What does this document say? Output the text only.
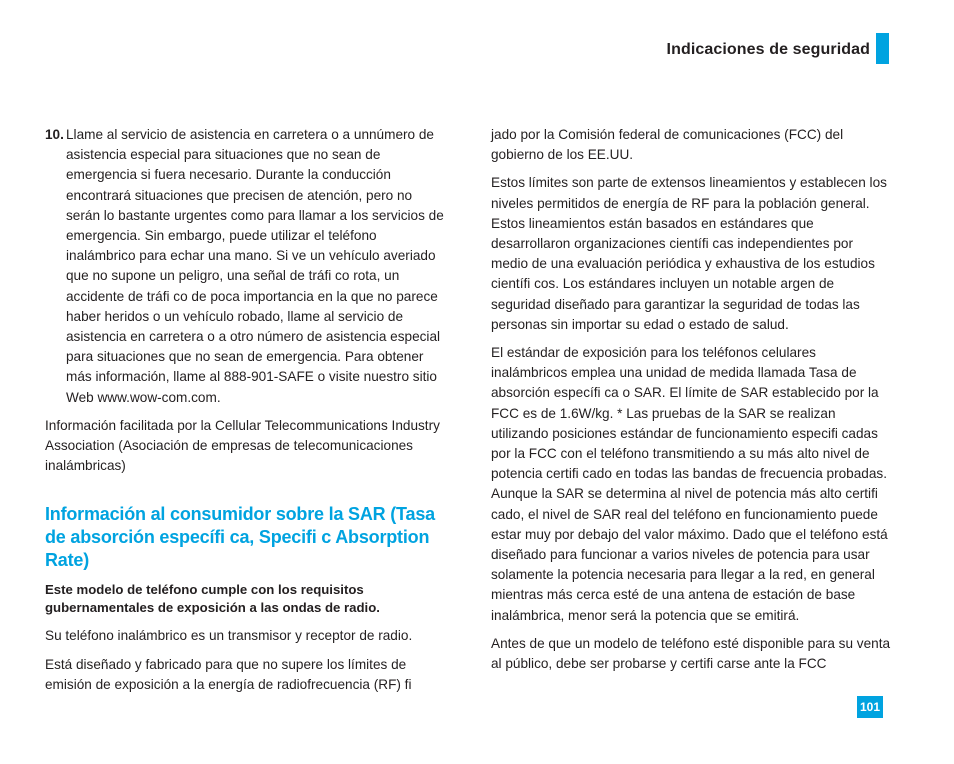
Indicaciones de seguridad
10. Llame al servicio de asistencia en carretera o a unnúmero de asistencia especial para situaciones que no sean de emergencia si fuera necesario. Durante la conducción encontrará situaciones que precisen de atención, pero no serán lo bastante urgentes como para llamar a los servicios de emergencia. Sin embargo, puede utilizar el teléfono inalámbrico para echar una mano. Si ve un vehículo averiado que no supone un peligro, una señal de tráfi co rota, un accidente de tráfi co de poca importancia en la que no parece haber heridos o un vehículo robado, llame al servicio de asistencia en carretera o a otro número de asistencia especial para situaciones que no sean de emergencia. Para obtener más información, llame al 888-901-SAFE o visite nuestro sitio Web www.wow-com.com.

Información facilitada por la Cellular Telecommunications Industry Association (Asociación de empresas de telecomunicaciones inalámbricas)

Información al consumidor sobre la SAR (Tasa de absorción específi ca, Specifi c Absorption Rate)

Este modelo de teléfono cumple con los requisitos gubernamentales de exposición a las ondas de radio.

Su teléfono inalámbrico es un transmisor y receptor de radio.

Está diseñado y fabricado para que no supere los límites de emisión de exposición a la energía de radiofrecuencia (RF) fi

jado por la Comisión federal de comunicaciones (FCC) del gobierno de los EE.UU.

Estos límites son parte de extensos lineamientos y establecen los niveles permitidos de energía de RF para la población general. Estos lineamientos están basados en estándares que desarrollaron organizaciones científi cas independientes por medio de una evaluación periódica y exhaustiva de los estudios científi cos. Los estándares incluyen un notable argen de seguridad diseñado para garantizar la seguridad de todas las personas sin importar su edad o estado de salud.

El estándar de exposición para los teléfonos celulares inalámbricos emplea una unidad de medida llamada Tasa de absorción específi ca o SAR. El límite de SAR establecido por la FCC es de 1.6W/kg. * Las pruebas de la SAR se realizan utilizando posiciones estándar de funcionamiento especifi cadas por la FCC con el teléfono transmitiendo a su más alto nivel de potencia certifi cado en todas las bandas de frecuencia probadas. Aunque la SAR se determina al nivel de potencia más alto certifi cado, el nivel de SAR real del teléfono en funcionamiento puede estar muy por debajo del valor máximo. Dado que el teléfono está diseñado para funcionar a varios niveles de potencia para usar solamente la potencia necesaria para llegar a la red, en general mientras más cerca esté de una antena de estación de base inalámbrica, menor será la potencia que se emitirá.

Antes de que un modelo de teléfono esté disponible para su venta al público, debe ser probarse y certifi carse ante la FCC

101
